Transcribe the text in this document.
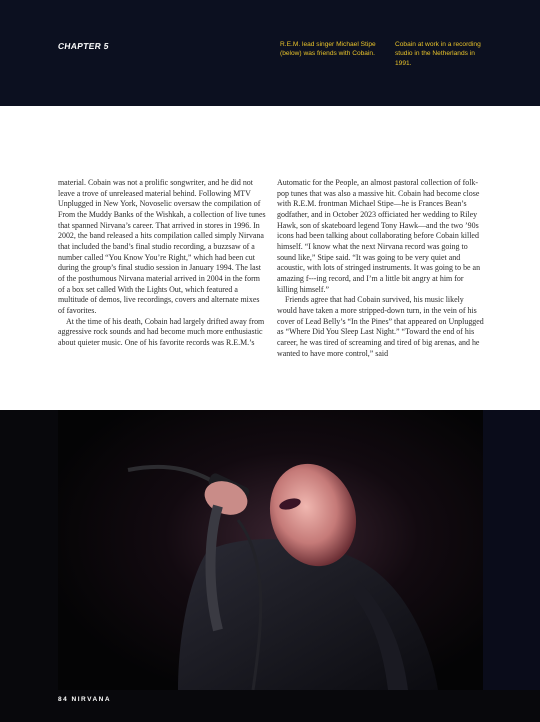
CHAPTER 5	R.E.M. lead singer Michael Stipe (below) was friends with Cobain.
Cobain at work in a recording studio in the Netherlands in 1991.

material. Cobain was not a prolific songwriter, and he did not leave a trove of unreleased material behind. Following MTV Unplugged in New York, Novoselic oversaw the compilation of From the Muddy Banks of the Wishkah, a collection of live tunes that spanned Nirvana’s career. That arrived in stores in 1996. In 2002, the band released a hits compilation called simply Nirvana that included the band’s final studio recording, a buzzsaw of a number called “You Know You’re Right,” which had been cut during the group’s final studio session in January 1994. The last of the posthumous Nirvana material arrived in 2004 in the form of a box set called With the Lights Out, which featured a multitude of demos, live recordings, covers and alternate mixes of favorites.

At the time of his death, Cobain had largely drifted away from aggressive rock sounds and had become much more enthusiastic about quieter music. One of his favorite records was R.E.M.’s

Automatic for the People, an almost pastoral collection of folk-pop tunes that was also a massive hit. Cobain had become close with R.E.M. frontman Michael Stipe—he is Frances Bean’s godfather, and in October 2023 officiated her wedding to Riley Hawk, son of skateboard legend Tony Hawk—and the two ’90s icons had been talking about collaborating before Cobain killed himself. “I know what the next Nirvana record was going to sound like,” Stipe said. “It was going to be very quiet and acoustic, with lots of stringed instruments. It was going to be an amazing f---ing record, and I’m a little bit angry at him for killing himself.”

Friends agree that had Cobain survived, his music likely would have taken a more stripped-down turn, in the vein of his cover of Lead Belly’s “In the Pines” that appeared on Unplugged as “Where Did You Sleep Last Night.” “Toward the end of his career, he was tired of screaming and tired of big arenas, and he wanted to have more control,” said

84 NIRVANA
